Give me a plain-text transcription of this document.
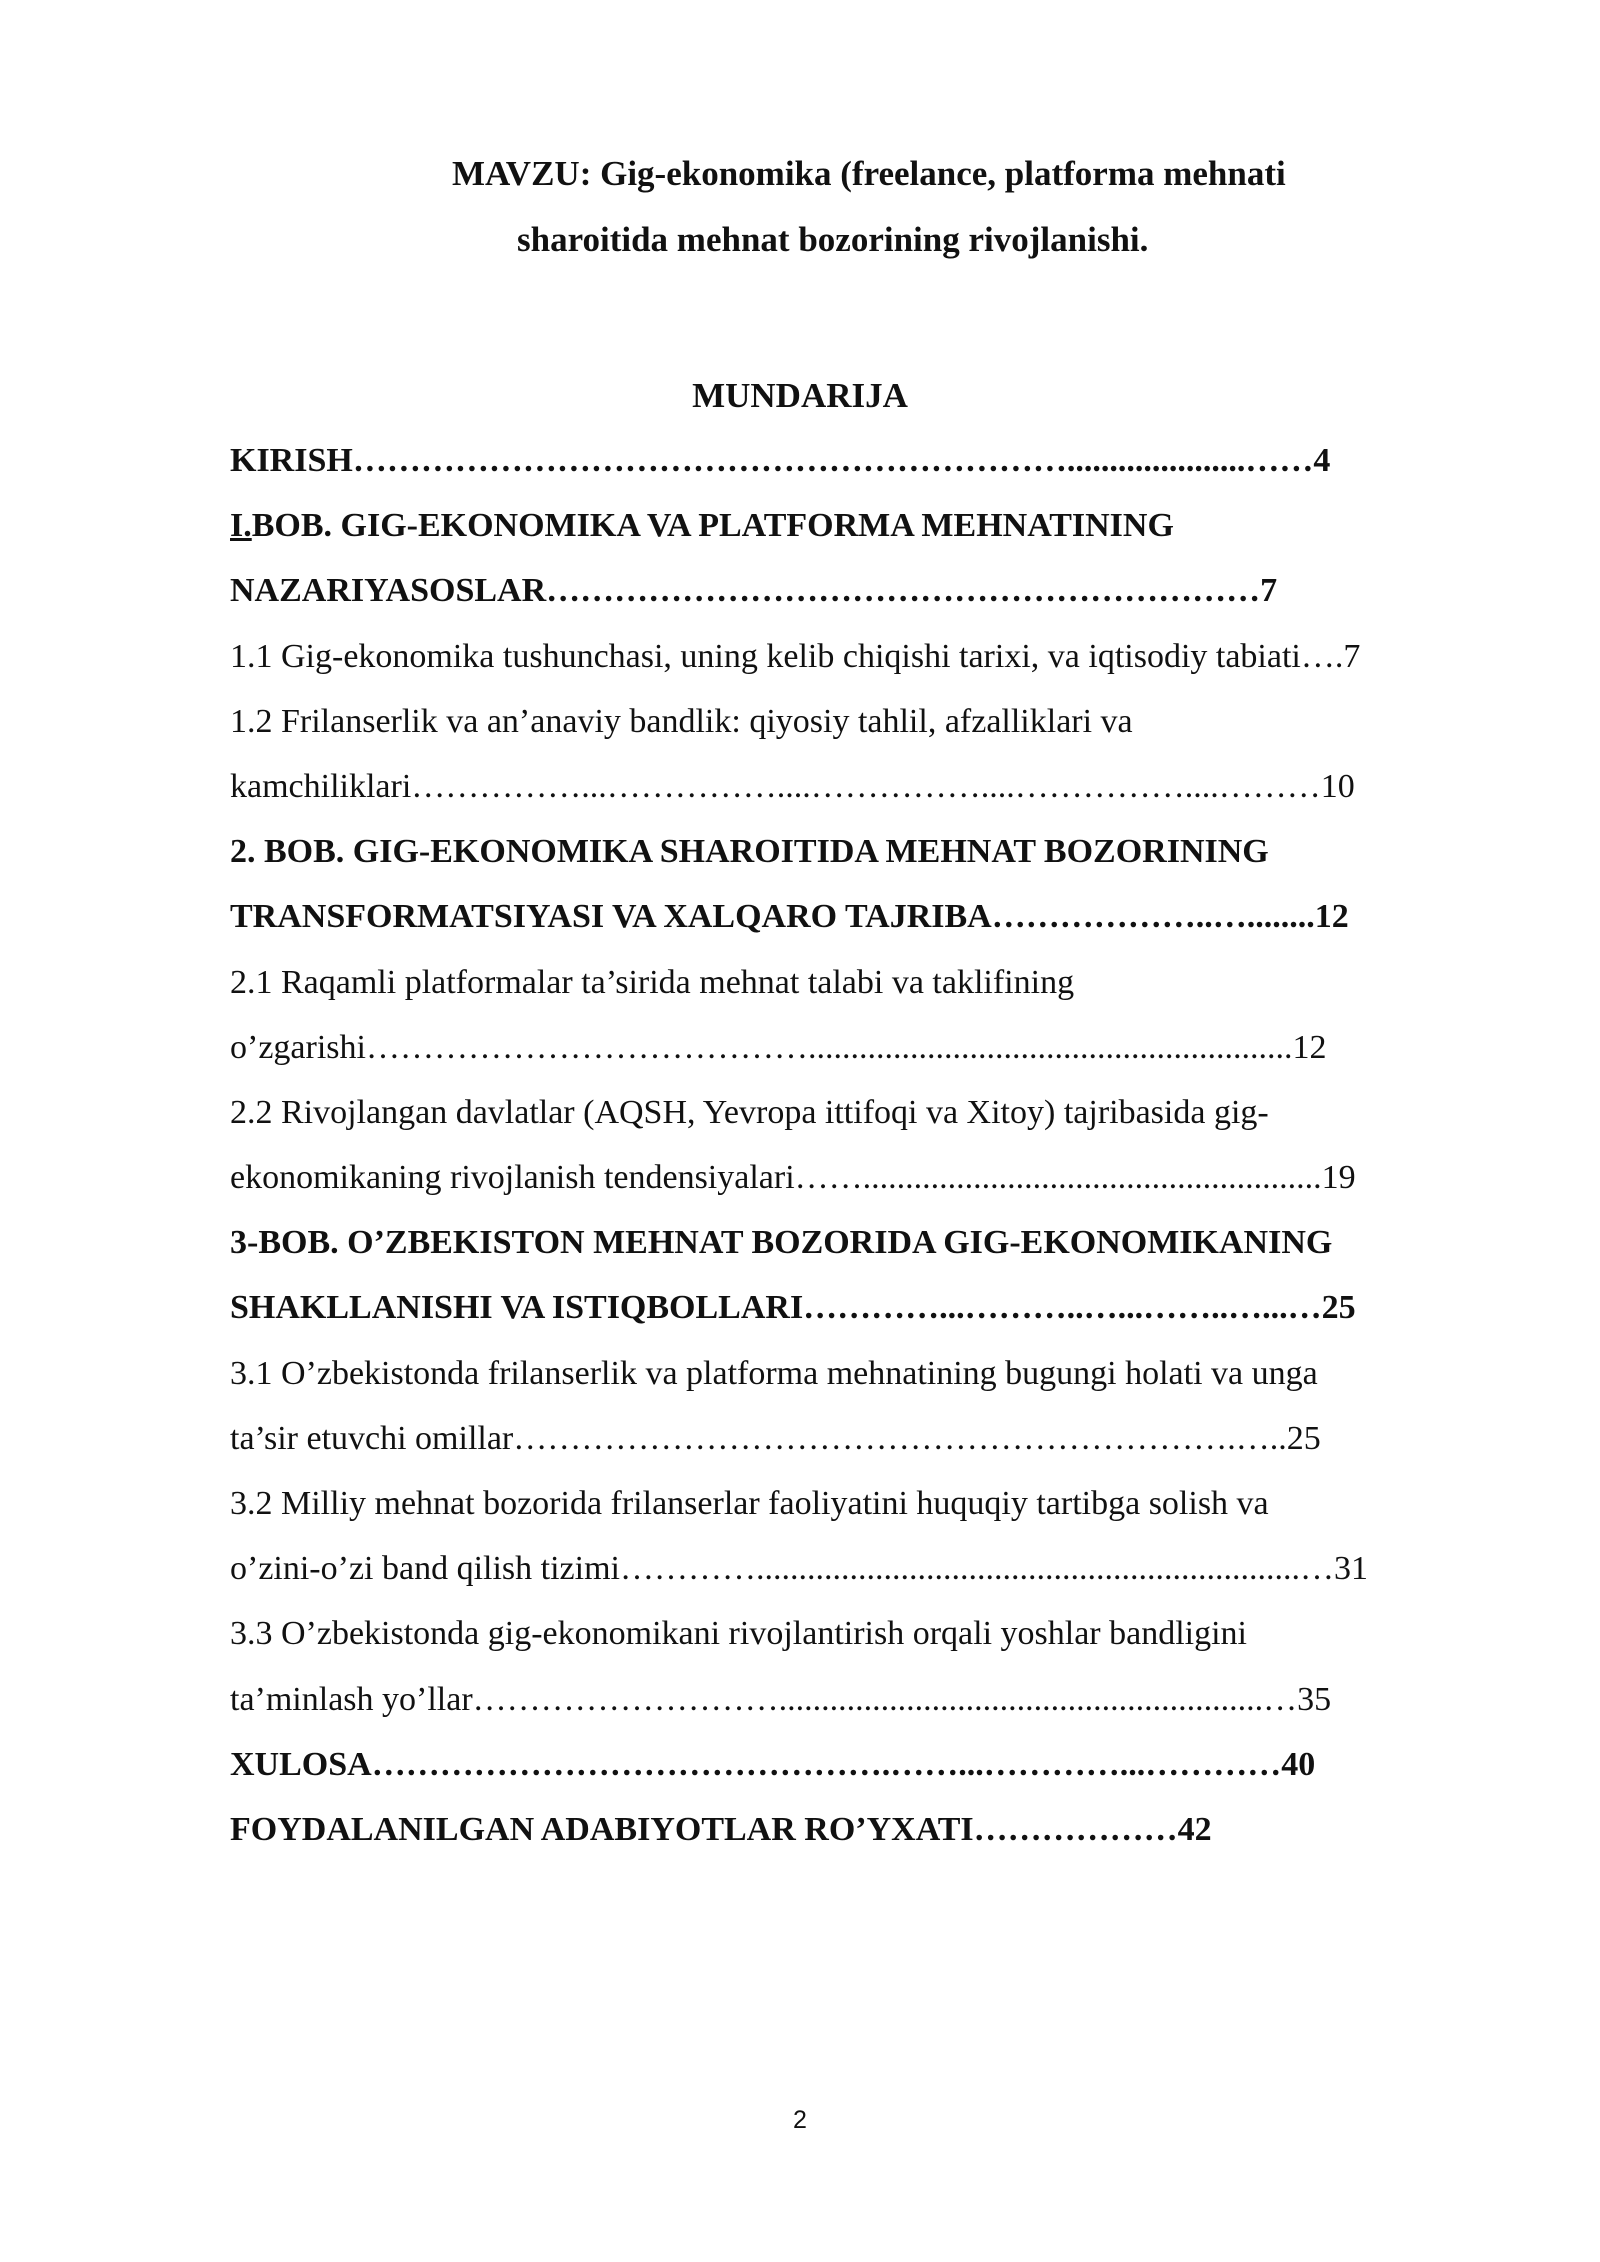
MAVZU: Gig-ekonomika (freelance, platforma mehnati
sharoitida mehnat bozorining rivojlanishi.
MUNDARIJA
KIRISH……………………………………………………….....................……4
I.BOB. GIG-EKONOMIKA VA PLATFORMA MEHNATINING
NAZARIYASOSLAR………………………………………………………7
1.1 Gig-ekonomika tushunchasi, uning kelib chiqishi tarixi, va iqtisodiy tabiati….7
1.2 Frilanserlik va an’anaviy bandlik: qiyosiy tahlil, afzalliklari va
kamchiliklari……………...……………....……………....……………....………10
2. BOB. GIG-EKONOMIKA SHAROITIDA MEHNAT BOZORINING
TRANSFORMATSIYASI VA XALQARO TAJRIBA………………..…........12
2.1 Raqamli platformalar ta’sirida mehnat talabi va taklifining
o’zgarishi………………………………….........................................................12
2.2 Rivojlangan davlatlar (AQSH, Yevropa ittifoqi va Xitoy) tajribasida gig-
ekonomikaning rivojlanish tendensiyalari……......................................................19
3-BOB. O’ZBEKISTON MEHNAT BOZORIDA GIG-EKONOMIKANING
SHAKLLANISHI VA ISTIQBOLLARI…………...………..…...……..…...…25
3.1 O’zbekistonda frilanserlik va platforma mehnatining bugungi holati va unga
ta’sir etuvchi omillar……………………………………………………….…..25
3.2 Milliy mehnat bozorida frilanserlar faoliyatini huquqiy tartibga solish va
o’zini-o’zi band qilish tizimi…………................................................................…31
3.3 O’zbekistonda gig-ekonomikani rivojlantirish orqali yoshlar bandligini
ta’minlash yo’llar……………………….........................................................…35
XULOSA……………………………………….……...…………...…………40
FOYDALANILGAN ADABIYOTLAR RO’YXATI………………42
2
